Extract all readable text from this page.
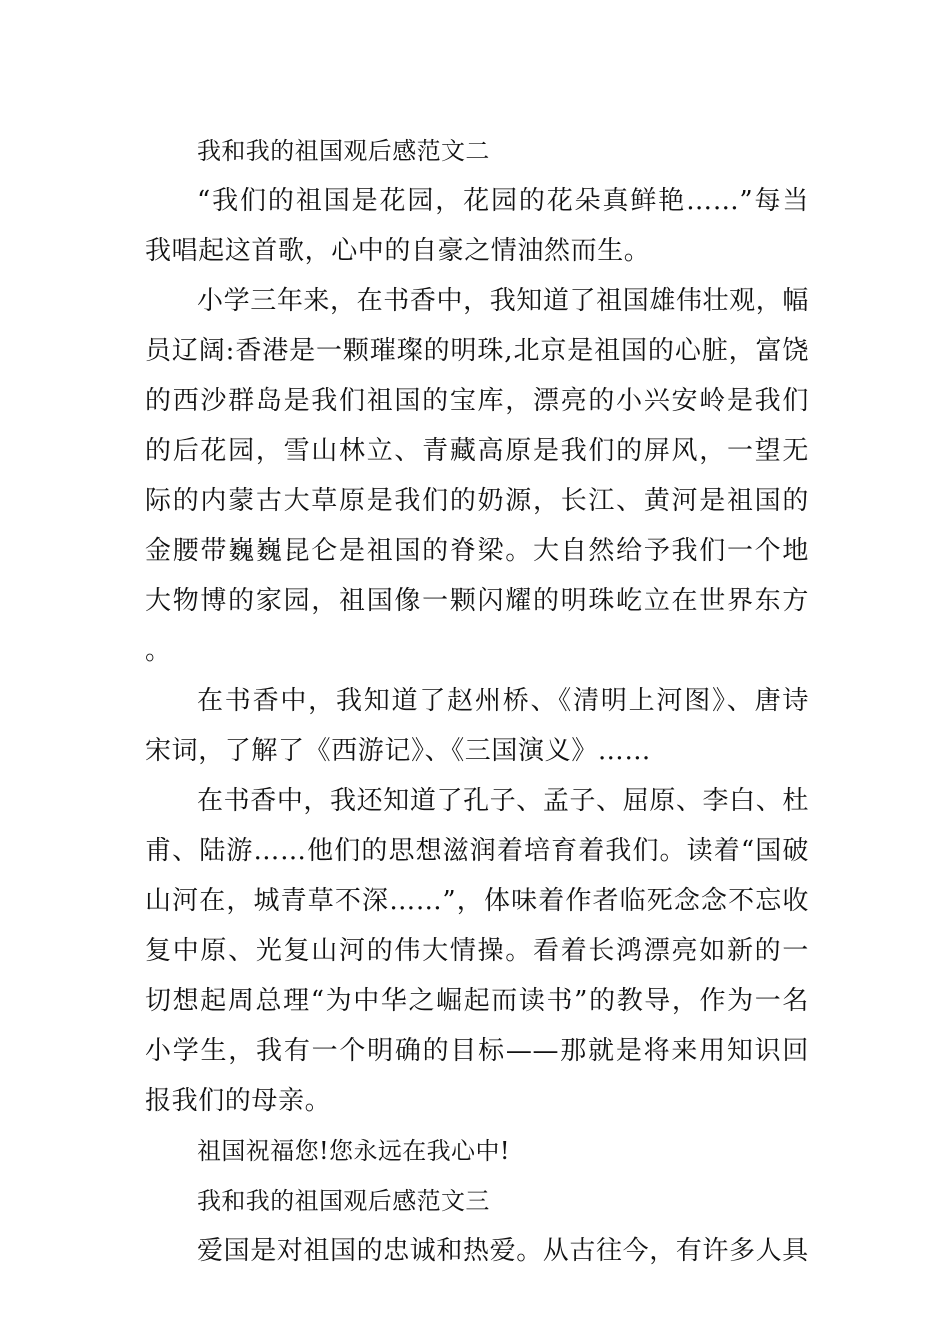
我和我的祖国观后感范文二

“我们的祖国是花园，花园的花朵真鲜艳……”每当我唱起这首歌，心中的自豪之情油然而生。

小学三年来，在书香中，我知道了祖国雄伟壮观，幅员辽阔:香港是一颗璀璨的明珠,北京是祖国的心脏，富饶的西沙群岛是我们祖国的宝库，漂亮的小兴安岭是我们的后花园，雪山林立、青藏高原是我们的屏风，一望无际的内蒙古大草原是我们的奶源，长江、黄河是祖国的金腰带巍巍昆仑是祖国的脊梁。大自然给予我们一个地大物博的家园，祖国像一颗闪耀的明珠屹立在世界东方。

在书香中，我知道了赵州桥、《清明上河图》、唐诗宋词，了解了《西游记》、《三国演义》……

在书香中，我还知道了孔子、孟子、屈原、李白、杜甫、陆游……他们的思想滋润着培育着我们。读着“国破山河在，城青草不深……”，体味着作者临死念念不忘收复中原、光复山河的伟大情操。看着长鸿漂亮如新的一切想起周总理“为中华之崛起而读书”的教导，作为一名小学生，我有一个明确的目标——那就是将来用知识回报我们的母亲。

祖国祝福您!您永远在我心中!

我和我的祖国观后感范文三

爱国是对祖国的忠诚和热爱。从古往今，有许多人具
